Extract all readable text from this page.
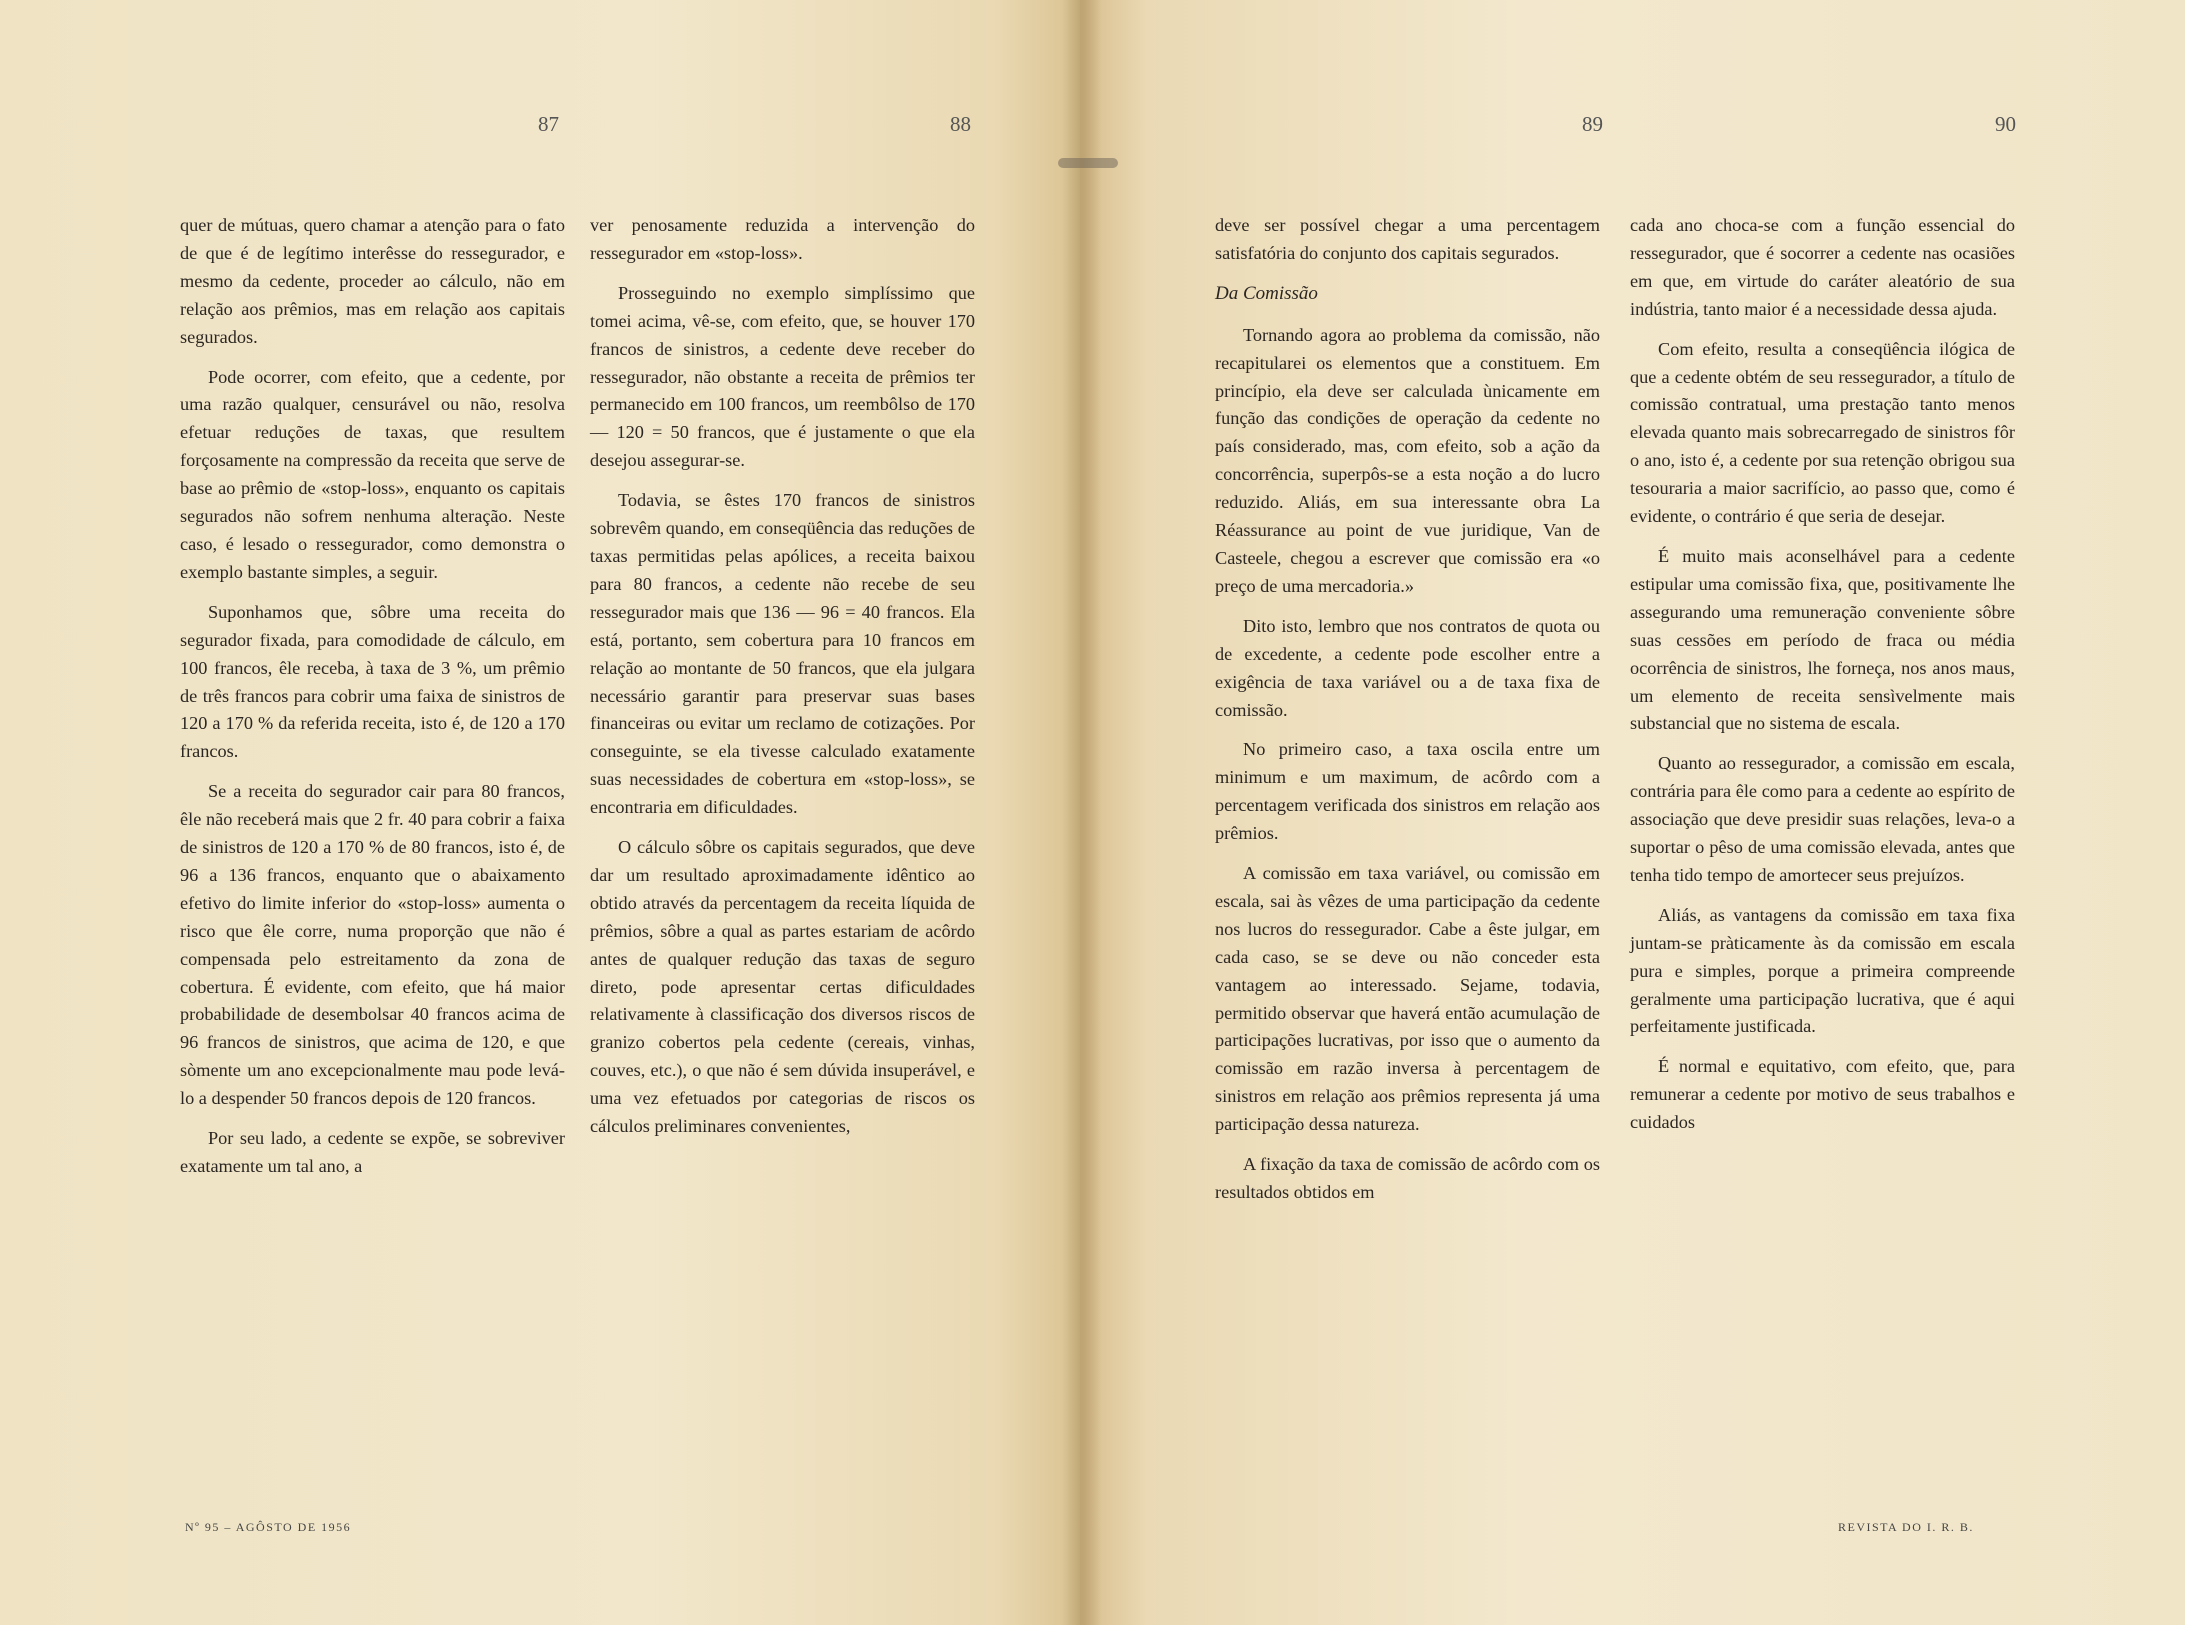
87

quer de mútuas, quero chamar a atenção para o fato de que é de legítimo interêsse do ressegurador, e mesmo da cedente, proceder ao cálculo, não em relação aos prêmios, mas em relação aos capitais segurados.

Pode ocorrer, com efeito, que a cedente, por uma razão qualquer, censurável ou não, resolva efetuar reduções de taxas, que resultem forçosamente na compressão da receita que serve de base ao prêmio de «stop-loss», enquanto os capitais segurados não sofrem nenhuma alteração. Neste caso, é lesado o ressegurador, como demonstra o exemplo bastante simples, a seguir.

Suponhamos que, sôbre uma receita do segurador fixada, para comodidade de cálculo, em 100 francos, êle receba, à taxa de 3 %, um prêmio de três francos para cobrir uma faixa de sinistros de 120 a 170 % da referida receita, isto é, de 120 a 170 francos.

Se a receita do segurador cair para 80 francos, êle não receberá mais que 2 fr. 40 para cobrir a faixa de sinistros de 120 a 170 % de 80 francos, isto é, de 96 a 136 francos, enquanto que o abaixamento efetivo do limite inferior do «stop-loss» aumenta o risco que êle corre, numa proporção que não é compensada pelo estreitamento da zona de cobertura. É evidente, com efeito, que há maior probabilidade de desembolsar 40 francos acima de 96 francos de sinistros, que acima de 120, e que sòmente um ano excepcionalmente mau pode levá-lo a despender 50 francos depois de 120 francos.

Por seu lado, a cedente se expõe, se sobreviver exatamente um tal ano, a

Nº 95 – AGÔSTO DE 1956
88

ver penosamente reduzida a intervenção do ressegurador em «stop-loss».

Prosseguindo no exemplo simplíssimo que tomei acima, vê-se, com efeito, que, se houver 170 francos de sinistros, a cedente deve receber do ressegurador, não obstante a receita de prêmios ter permanecido em 100 francos, um reembôlso de 170 — 120 = 50 francos, que é justamente o que ela desejou assegurar-se.

Todavia, se êstes 170 francos de sinistros sobrevêm quando, em conseqüência das reduções de taxas permitidas pelas apólices, a receita baixou para 80 francos, a cedente não recebe de seu ressegurador mais que 136 — 96 = 40 francos. Ela está, portanto, sem cobertura para 10 francos em relação ao montante de 50 francos, que ela julgara necessário garantir para preservar suas bases financeiras ou evitar um reclamo de cotizações. Por conseguinte, se ela tivesse calculado exatamente suas necessidades de cobertura em «stop-loss», se encontraria em dificuldades.

O cálculo sôbre os capitais segurados, que deve dar um resultado aproximadamente idêntico ao obtido através da percentagem da receita líquida de prêmios, sôbre a qual as partes estariam de acôrdo antes de qualquer redução das taxas de seguro direto, pode apresentar certas dificuldades relativamente à classificação dos diversos riscos de granizo cobertos pela cedente (cereais, vinhas, couves, etc.), o que não é sem dúvida insuperável, e uma vez efetuados por categorias de riscos os cálculos preliminares convenientes,

89

deve ser possível chegar a uma percentagem satisfatória do conjunto dos capitais segurados.

Da Comissão

Tornando agora ao problema da comissão, não recapitularei os elementos que a constituem. Em princípio, ela deve ser calculada ùnicamente em função das condições de operação da cedente no país considerado, mas, com efeito, sob a ação da concorrência, superpôs-se a esta noção a do lucro reduzido. Aliás, em sua interessante obra La Réassurance au point de vue juridique, Van de Casteele, chegou a escrever que comissão era «o preço de uma mercadoria.»

Dito isto, lembro que nos contratos de quota ou de excedente, a cedente pode escolher entre a exigência de taxa variável ou a de taxa fixa de comissão.

No primeiro caso, a taxa oscila entre um minimum e um maximum, de acôrdo com a percentagem verificada dos sinistros em relação aos prêmios.

A comissão em taxa variável, ou comissão em escala, sai às vêzes de uma participação da cedente nos lucros do ressegurador. Cabe a êste julgar, em cada caso, se se deve ou não conceder esta vantagem ao interessado. Sejame, todavia, permitido observar que haverá então acumulação de participações lucrativas, por isso que o aumento da comissão em razão inversa à percentagem de sinistros em relação aos prêmios representa já uma participação dessa natureza.

A fixação da taxa de comissão de acôrdo com os resultados obtidos em

90

cada ano choca-se com a função essencial do ressegurador, que é socorrer a cedente nas ocasiões em que, em virtude do caráter aleatório de sua indústria, tanto maior é a necessidade dessa ajuda.

Com efeito, resulta a conseqüência ilógica de que a cedente obtém de seu ressegurador, a título de comissão contratual, uma prestação tanto menos elevada quanto mais sobrecarregado de sinistros fôr o ano, isto é, a cedente por sua retenção obrigou sua tesouraria a maior sacrifício, ao passo que, como é evidente, o contrário é que seria de desejar.

É muito mais aconselhável para a cedente estipular uma comissão fixa, que, positivamente lhe assegurando uma remuneração conveniente sôbre suas cessões em período de fraca ou média ocorrência de sinistros, lhe forneça, nos anos maus, um elemento de receita sensìvelmente mais substancial que no sistema de escala.

Quanto ao ressegurador, a comissão em escala, contrária para êle como para a cedente ao espírito de associação que deve presidir suas relações, leva-o a suportar o pêso de uma comissão elevada, antes que tenha tido tempo de amortecer seus prejuízos.

Aliás, as vantagens da comissão em taxa fixa juntam-se pràticamente às da comissão em escala pura e simples, porque a primeira compreende geralmente uma participação lucrativa, que é aqui perfeitamente justificada.

É normal e equitativo, com efeito, que, para remunerar a cedente por motivo de seus trabalhos e cuidados

REVISTA DO I. R. B.
